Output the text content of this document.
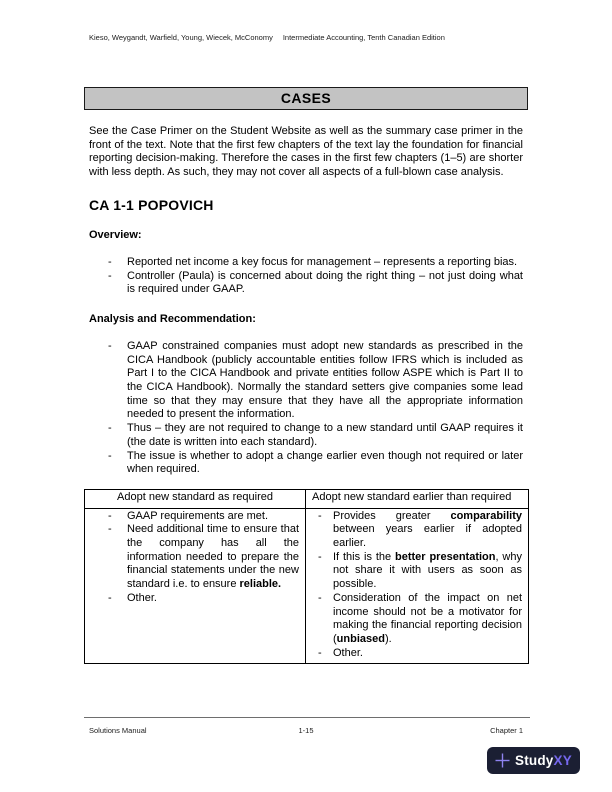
Kieso, Weygandt, Warfield, Young, Wiecek, McConomy Intermediate Accounting, Tenth Canadian Edition
CASES

See the Case Primer on the Student Website as well as the summary case primer in the front of the text. Note that the first few chapters of the text lay the foundation for financial reporting decision-making. Therefore the cases in the first few chapters (1–5) are shorter with less depth. As such, they may not cover all aspects of a full-blown case analysis.

CA 1-1 POPOVICH
Overview:
-	Reported net income a key focus for management – represents a reporting bias.
-	Controller (Paula) is concerned about doing the right thing – not just doing what is required under GAAP.
Analysis and Recommendation:
-	GAAP constrained companies must adopt new standards as prescribed in the CICA Handbook (publicly accountable entities follow IFRS which is included as Part I to the CICA Handbook and private entities follow ASPE which is Part II to the CICA Handbook). Normally the standard setters give companies some lead time so that they may ensure that they have all the appropriate information needed to present the information.
-	Thus – they are not required to change to a new standard until GAAP requires it (the date is written into each standard).
-	The issue is whether to adopt a change earlier even though not required or later when required.
Adopt new standard as required	Adopt new standard earlier than required

-	GAAP requirements are met.
-	Need additional time to ensure that the company has all the information needed to prepare the financial statements under the new standard i.e. to ensure reliable.
-	Other.

-	Provides greater comparability between years earlier if adopted earlier.
-	If this is the better presentation, why not share it with users as soon as possible.
-	Consideration of the impact on net income should not be a motivator for making the financial reporting decision (unbiased).
-	Other.
Solutions Manual	1-15	Chapter 1
StudyXY
